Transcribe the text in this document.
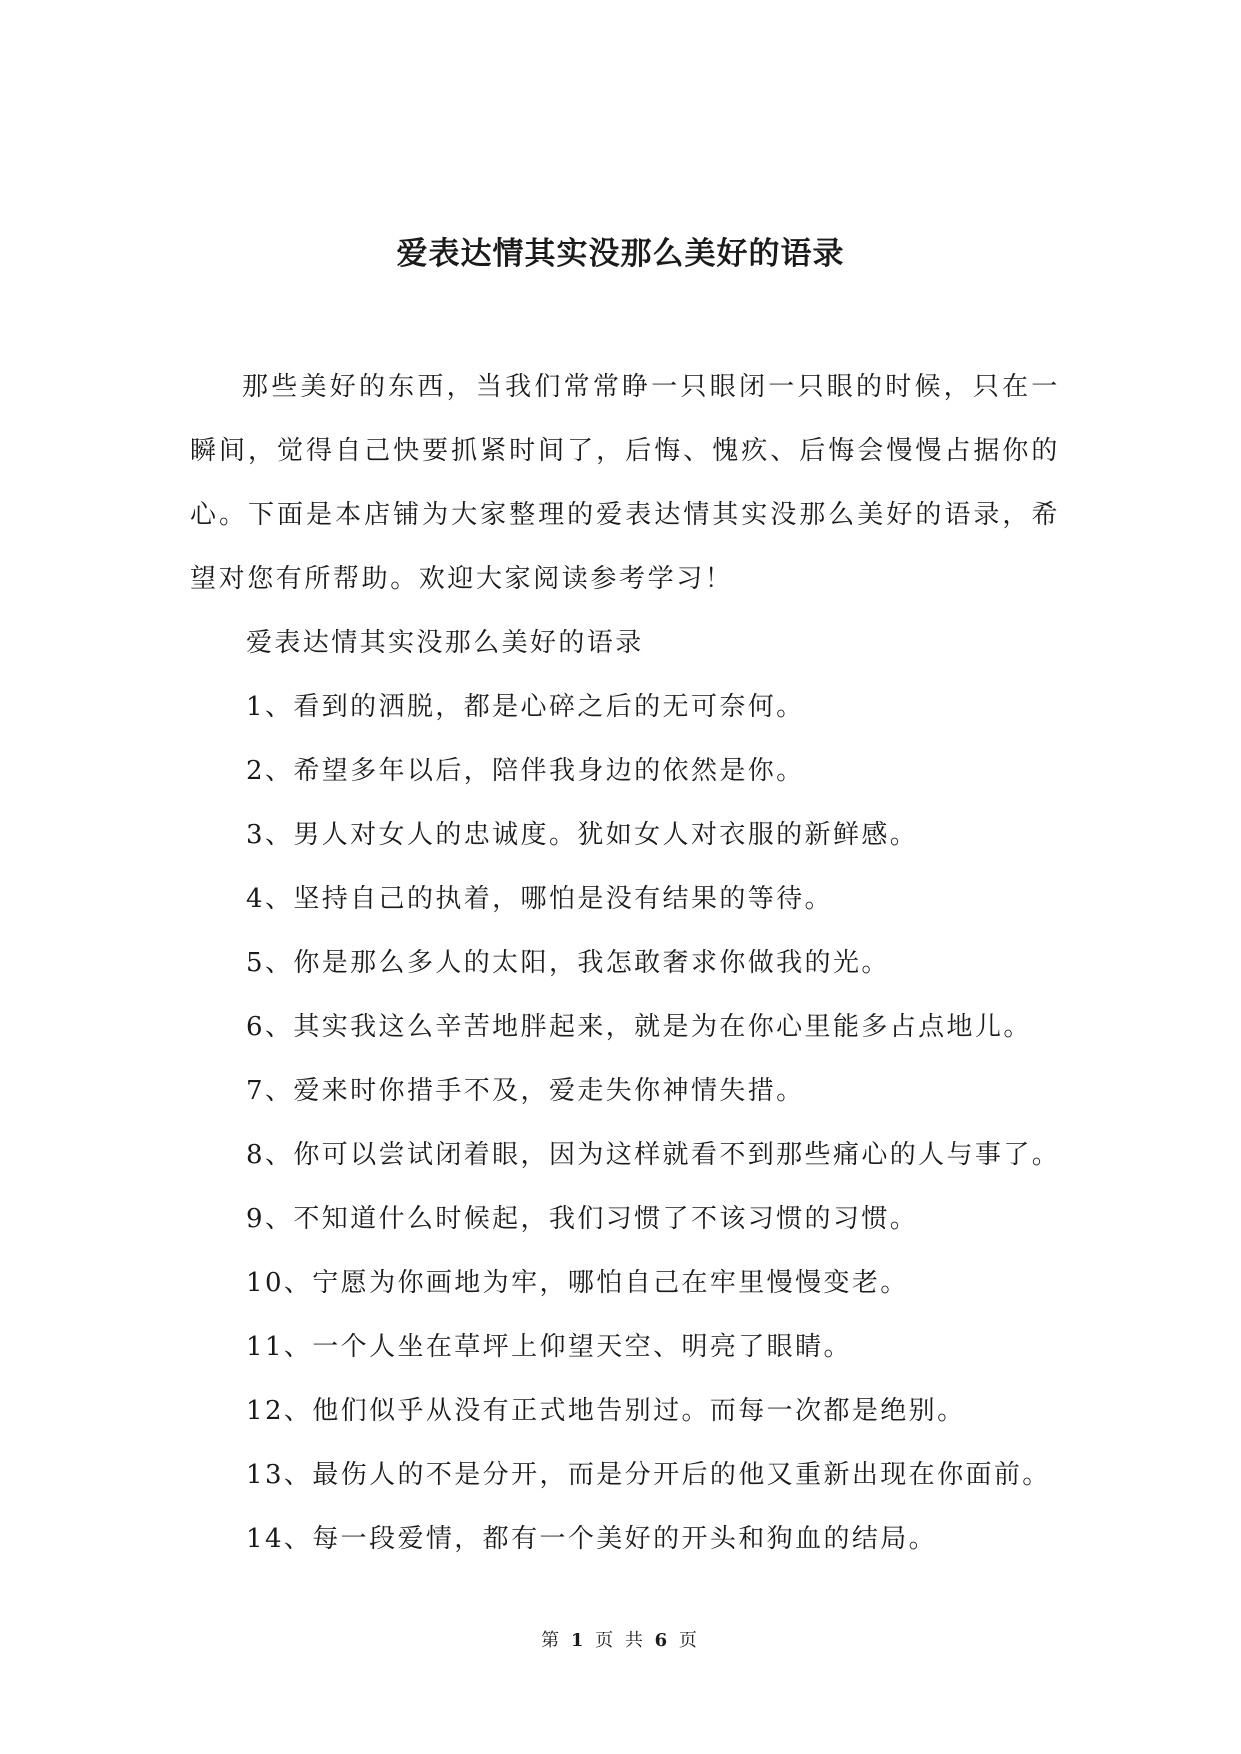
爱表达情其实没那么美好的语录

那些美好的东西，当我们常常睁一只眼闭一只眼的时候，只在一瞬间，觉得自己快要抓紧时间了，后悔、愧疚、后悔会慢慢占据你的心。下面是本店铺为大家整理的爱表达情其实没那么美好的语录，希望对您有所帮助。欢迎大家阅读参考学习！

爱表达情其实没那么美好的语录

1、看到的洒脱，都是心碎之后的无可奈何。

2、希望多年以后，陪伴我身边的依然是你。

3、男人对女人的忠诚度。犹如女人对衣服的新鲜感。

4、坚持自己的执着，哪怕是没有结果的等待。

5、你是那么多人的太阳，我怎敢奢求你做我的光。

6、其实我这么辛苦地胖起来，就是为在你心里能多占点地儿。

7、爱来时你措手不及，爱走失你神情失措。

8、你可以尝试闭着眼，因为这样就看不到那些痛心的人与事了。

9、不知道什么时候起，我们习惯了不该习惯的习惯。

10、宁愿为你画地为牢，哪怕自己在牢里慢慢变老。

11、一个人坐在草坪上仰望天空、明亮了眼睛。

12、他们似乎从没有正式地告别过。而每一次都是绝别。

13、最伤人的不是分开，而是分开后的他又重新出现在你面前。

14、每一段爱情，都有一个美好的开头和狗血的结局。

第 1 页 共 6 页
